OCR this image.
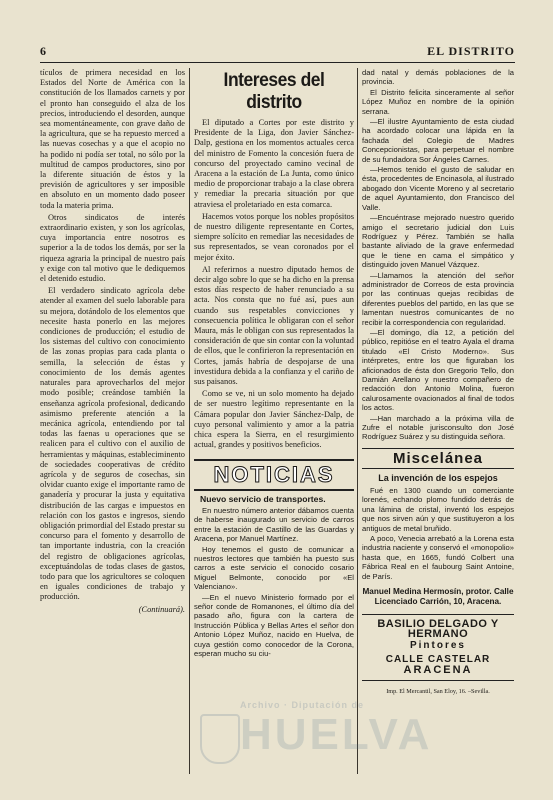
6	EL DISTRITO

tículos de primera necesidad en los Estados del Norte de América con la constitución de los llamados carnets y por el pronto han conseguido el alza de los precios, introduciendo el desorden, aunque sea momentáneamente, con grave daño de la agricultura, que se ha repuesto merced a las nuevas cosechas y a que el acopio no ha podido ni podía ser total, no sólo por la multitud de campos productores, sino por la diferente situación de éstos y la previsión de agricultores y ser imposible en absoluto en un momento dado poseer toda la materia prima.

Otros sindicatos de interés extraordinario existen, y son los agrícolas, cuya importancia entre nosotros es superior a la de todos los demás, por ser la riqueza agraria la principal de nuestro país y exige con tal motivo que le dediquemos el detenido estudio.

El verdadero sindicato agrícola debe atender al examen del suelo laborable para su mejora, dotándolo de los elementos que necesite hasta ponerlo en las mejores condiciones de producción; el estudio de los sistemas del cultivo con conocimiento de las zonas propias para cada planta o semilla, la selección de éstas y conocimiento de los demás agentes naturales para aprovecharlos del mejor modo posible; creándose también la enseñanza agrícola profesional, dedicando asimismo preferente atención a la mecánica agrícola, entendiendo por tal todas las faenas u operaciones que se realicen para el cultivo con el auxilio de herramientas y máquinas, estableciminento de sociedades cooperativas de crédito agrícola y de seguros de cosechas, sin olvidar cuanto exige el importante ramo de ganadería y procurar la justa y equitativa distribución de las cargas e impuestos en relación con los gastos e ingresos, siendo obligación primordial del Estado prestar su concurso para el fomento y desarrollo de tan importante industria, con la creación del registro de obligaciones agrícolas, exceptuándolas de todas clases de gastos, todo para que los agricultores se coloquen en iguales condiciones de trabajo y producción.

(Continuará).
Intereses del distrito

El diputado a Cortes por este distrito y Presidente de la Liga, don Javier Sánchez-Dalp, gestiona en los momentos actuales cerca del ministro de Fomento la concesión fuera de concurso del proyectado camino vecinal de Aracena a la estación de La Junta, como único medio de proporcionar trabajo a la clase obrera y remediar la precaria situación por que atraviesa el proletariado en esta comarca.

Hacemos votos porque los nobles propósitos de nuestro diligente representante en Cortes, siempre solícito en remediar las necesidades de sus representados, se vean coronados por el mejor éxito.

Al referirnos a nuestro diputado hemos de decir algo sobre lo que se ha dicho en la prensa estos días respecto de haber renunciado a su acta. Nos consta que no fué así, pues aun cuando sus respetables convicciones y consecuencia política le obligaran con el señor Maura, más le obligan con sus representados la consideración de que sin contar con la voluntad de ellos, que le confirieron la representación en Cortes, jamás habría de despojarse de una investidura debida a la confianza y el cariño de sus paisanos.

Como se ve, ni un solo momento ha dejado de ser nuestro legítimo representante en la Cámara popular don Javier Sánchez-Dalp, de cuyo personal valimiento y amor a la patria chica espera la Sierra, en el resurgimiento actual, grandes y positivos beneficios.

NOTICIAS
Nuevo servicio de transportes.

En nuestro número anterior dábamos cuenta de haberse inaugurado un servicio de carros entre la estación de Castillo de las Guardas y Aracena, por Manuel Martínez.

Hoy tenemos el gusto de comunicar a nuestros lectores que también ha puesto sus carros a este servicio el conocido cosario Miguel Belmonte, conocido por «El Valenciano».

—En el nuevo Ministerio formado por el señor conde de Romanones, el último día del pasado año, figura con la cartera de Instrucción Pública y Bellas Artes el señor don Antonio López Muñoz, nacido en Huelva, de cuya gestión como conocedor de la Corona, esperan mucho su ciu-

dad natal y demás poblaciones de la provincia.

El Distrito felicita sinceramente al señor López Muñoz en nombre de la opinión serrana.

—El ilustre Ayuntamiento de esta ciudad ha acordado colocar una lápida en la fachada del Colegio de Madres Concepcionistas, para perpetuar el nombre de su fundadora Sor Ángeles Carnes.

—Hemos tenido el gusto de saludar en ésta, procedentes de Encinasola, al ilustrado abogado don Vicente Moreno y al secretario de aquel Ayuntamiento, don Francisco del Valle.

—Encuéntrase mejorado nuestro querido amigo el secretario judicial don Luis Rodríguez y Pérez. También se halla bastante aliviado de la grave enfermedad que le tiene en cama el simpático y distinguido joven Manuel Vázquez.

—Llamamos la atención del señor administrador de Correos de esta provincia por las continuas quejas recibidas de diferentes pueblos del partido, en las que se lamentan nuestros comunicantes de no recibir la correspondencia con regularidad.

—El domingo, día 12, a petición del público, repitióse en el teatro Ayala el drama titulado «El Cristo Moderno». Sus intérpretes, entre los que figuraban los aficionados de ésta don Gregorio Tello, don Damián Arellano y nuestro compañero de redacción don Antonio Molina, fueron calurosamente ovacionados al final de todos los actos.

—Han marchado a la próxima villa de Zufre el notable jurisconsulto don José Rodríguez Suárez y su distinguida señora.

Miscelánea
La invención de los espejos

Fué en 1300 cuando un comerciante lorenés, echando plomo fundido detrás de una lámina de cristal, inventó los espejos que nos sirven aún y que sustituyeron a los antiguos de metal bruñido.

A poco, Venecia arrebató a la Lorena esta industria naciente y conservó el «monopolio» hasta que, en 1665, fundó Colbert una Fábrica Real en el faubourg Saint Antoine, de París.

Manuel Medina Hermosín, protor. Calle Licenciado Carrión, 10, Aracena.
BASILIO DELGADO Y HERMANO
Pintores
CALLE CASTELAR
ARACENA
Imp. El Mercantil, San Eloy, 16. –Sevilla.
Archivo · Diputación de
HUELVA
